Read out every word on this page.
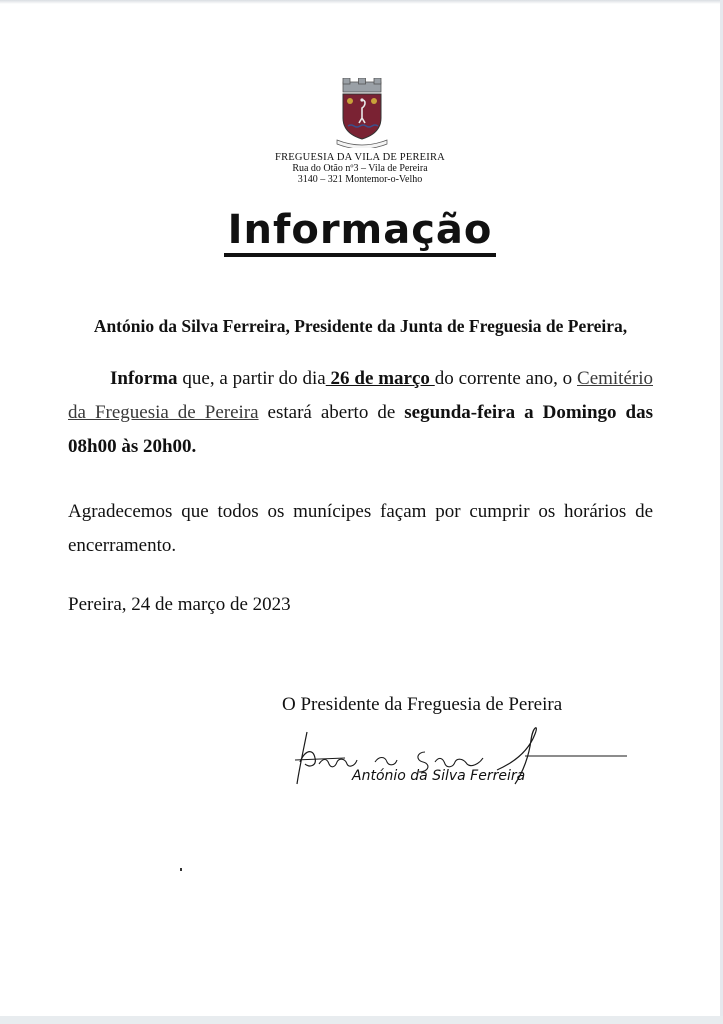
FREGUESIA DA VILA DE PEREIRA
Rua do Otão nº3 – Vila de Pereira
3140 – 321 Montemor-o-Velho
Informação
António da Silva Ferreira, Presidente da Junta de Freguesia de Pereira,
Informa que, a partir do dia 26 de março do corrente ano, o Cemitério da Freguesia de Pereira estará aberto de segunda-feira a Domingo das 08h00 às 20h00.
Agradecemos que todos os munícipes façam por cumprir os horários de encerramento.
Pereira, 24 de março de 2023
O Presidente da Freguesia de Pereira
António da Silva Ferreira
